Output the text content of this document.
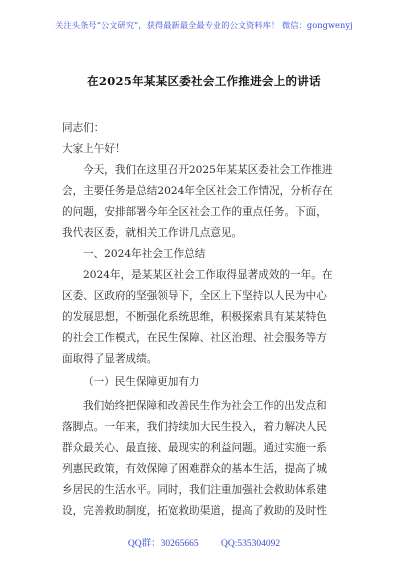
关注头条号“公文研究”，获得最新最全最专业的公文资料库！ 微信：gongwenyj
在2025年某某区委社会工作推进会上的讲话
同志们：
大家上午好！
今天，我们在这里召开2025年某某区委社会工作推进
会，主要任务是总结2024年全区社会工作情况，分析存在
的问题，安排部署今年全区社会工作的重点任务。下面，
我代表区委，就相关工作讲几点意见。
一、2024年社会工作总结
2024年，是某某区社会工作取得显著成效的一年。在
区委、区政府的坚强领导下，全区上下坚持以人民为中心
的发展思想，不断强化系统思维，积极探索具有某某特色
的社会工作模式，在民生保障、社区治理、社会服务等方
面取得了显著成绩。
（一）民生保障更加有力
我们始终把保障和改善民生作为社会工作的出发点和
落脚点。一年来，我们持续加大民生投入，着力解决人民
群众最关心、最直接、最现实的利益问题。通过实施一系
列惠民政策，有效保障了困难群众的基本生活，提高了城
乡居民的生活水平。同时，我们注重加强社会救助体系建
设，完善救助制度，拓宽救助渠道，提高了救助的及时性
QQ群：30265665 QQ:535304092
